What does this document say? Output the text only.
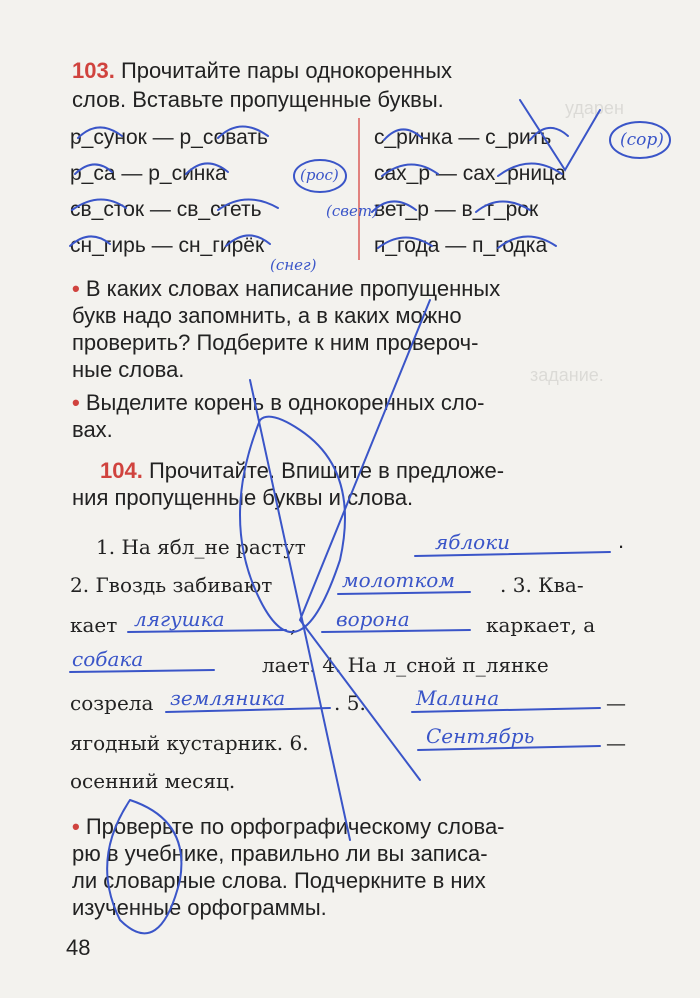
ударен
задание.
103. Прочитайте пары однокоренных
слов. Вставьте пропущенные буквы.
р_сунок — р_совать	с_ринка — с_рить
р_са — р_синка	сах_р — сах_рница
св_сток — св_стеть	вет_р — в_т_рок
сн_гирь — сн_гирёк	п_года — п_годка
• В каких словах написание пропущенных
букв надо запомнить, а в каких можно
проверить? Подберите к ним провероч-
ные слова.
• Выделите корень в однокоренных сло-
вах.
104. Прочитайте. Впишите в предложе-
ния пропущенные буквы и слова.
1. На ябл_не растут	.
2. Гвоздь забивают	. 3. Ква-
кает	,	каркает, а
лает. 4. На л_сной п_лянке
созрела	. 5.	—
ягодный кустарник. 6.	—
осенний месяц.
• Проверьте по орфографическому слова-
рю в учебнике, правильно ли вы записа-
ли словарные слова. Подчеркните в них
изученные орфограммы.
48
яблоки
молотком
лягушка	ворона
собака
земляника	Малина
Сентябрь
(сор)
(рос)
(свет)
(снег)
